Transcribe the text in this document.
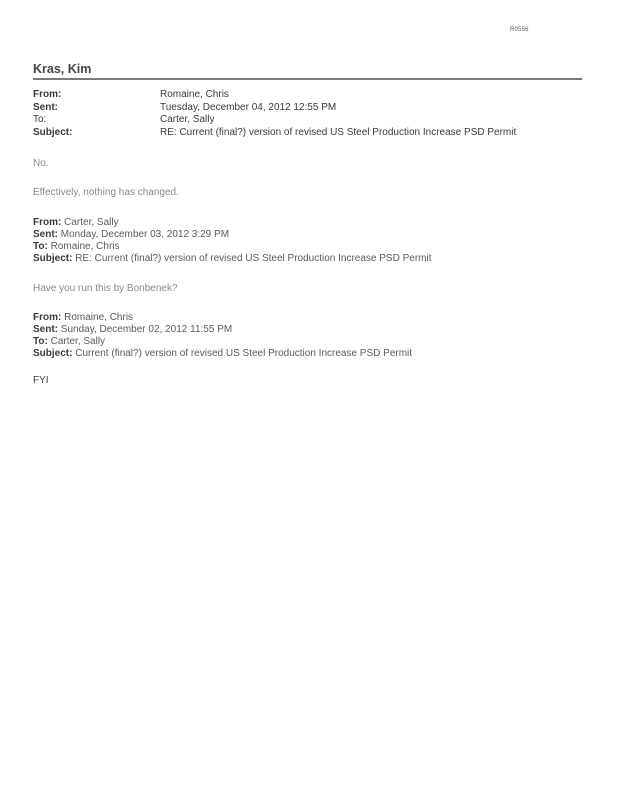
R0556
Kras, Kim
From:	Romaine, Chris
Sent:	Tuesday, December 04, 2012 12:55 PM
To:	Carter, Sally
Subject:	RE: Current (final?) version of revised US Steel Production Increase PSD Permit
No.
Effectively, nothing has changed.
From: Carter, Sally
Sent: Monday, December 03, 2012 3:29 PM
To: Romaine, Chris
Subject: RE: Current (final?) version of revised US Steel Production Increase PSD Permit
Have you run this by Bonbenek?
From: Romaine, Chris
Sent: Sunday, December 02, 2012 11:55 PM
To: Carter, Sally
Subject: Current (final?) version of revised US Steel Production Increase PSD Permit
FYI
